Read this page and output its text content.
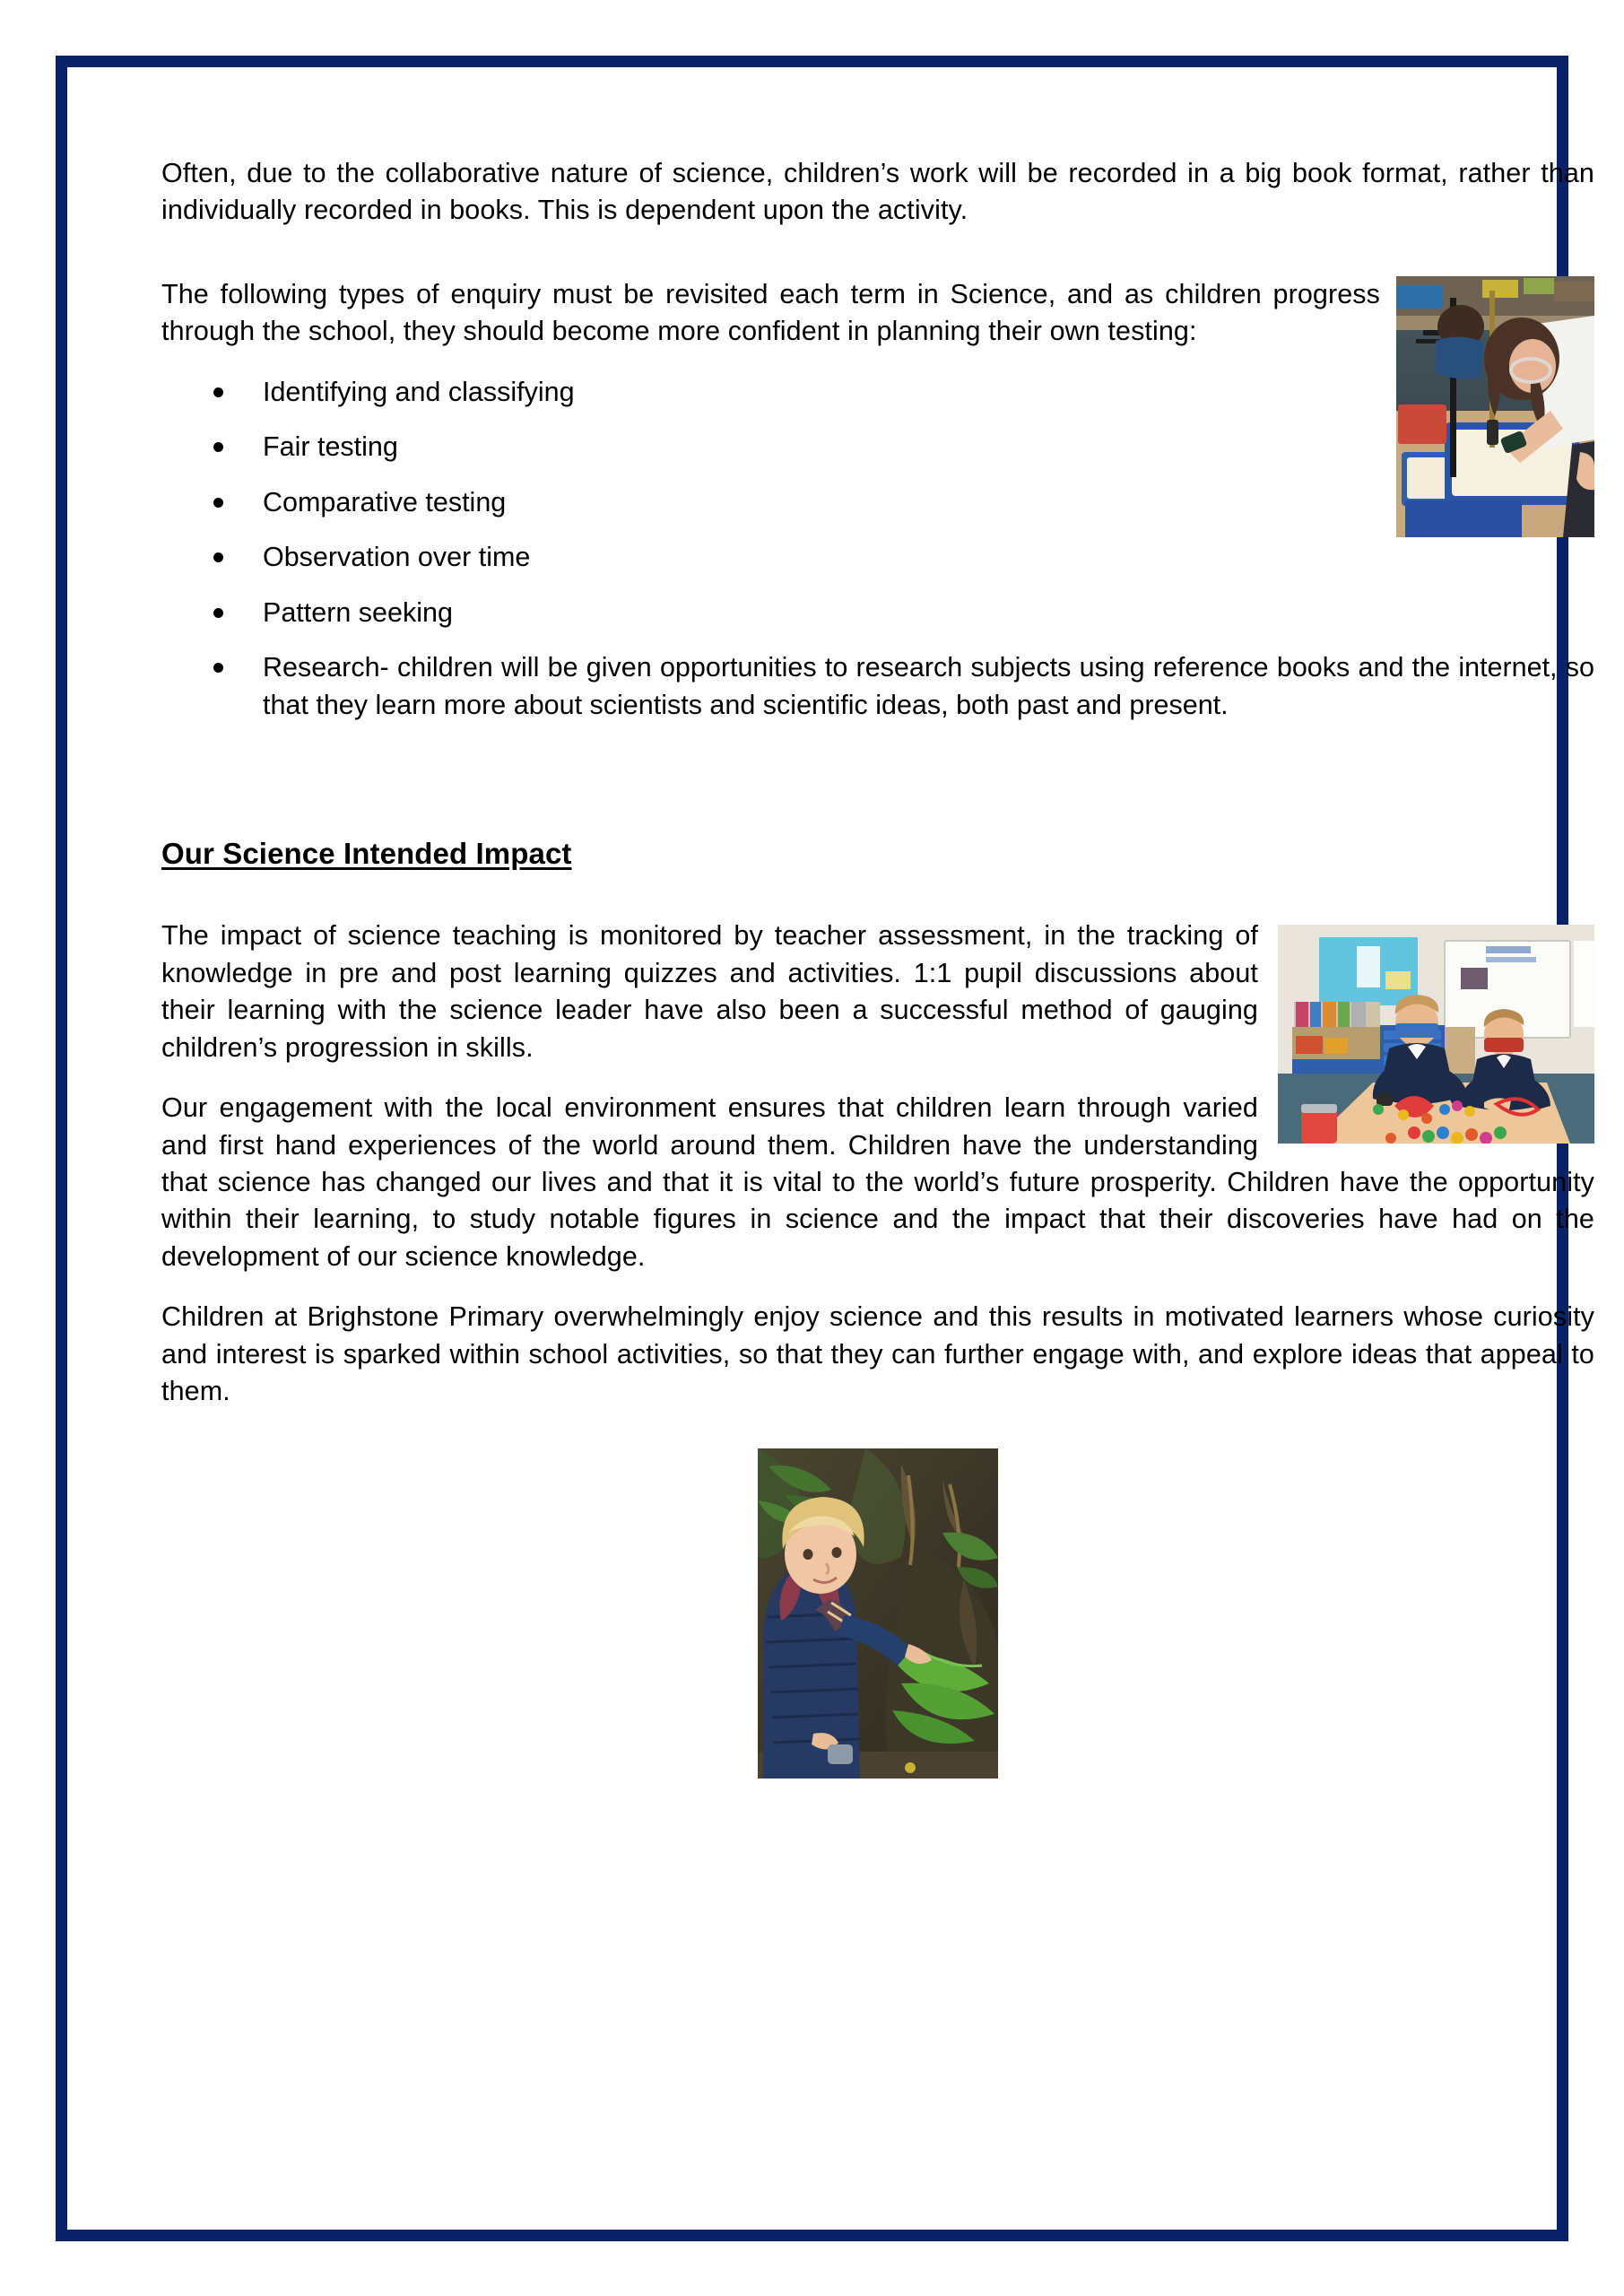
Often, due to the collaborative nature of science, children’s work will be recorded in a big book format, rather than individually recorded in books. This is dependent upon the activity.

The following types of enquiry must be revisited each term in Science, and as children progress through the school, they should become more confident in planning their own testing:

Identifying and classifying
Fair testing
Comparative testing
Observation over time
Pattern seeking
Research- children will be given opportunities to research subjects using reference books and the internet, so that they learn more about scientists and scientific ideas, both past and present.
Our Science Intended Impact

The impact of science teaching is monitored by teacher assessment, in the tracking of knowledge in pre and post learning quizzes and activities. 1:1 pupil discussions about their learning with the science leader have also been a successful method of gauging children’s progression in skills.

Our engagement with the local environment ensures that children learn through varied and first hand experiences of the world around them. Children have the understanding that science has changed our lives and that it is vital to the world’s future prosperity. Children have the opportunity within their learning, to study notable figures in science and the impact that their discoveries have had on the development of our science knowledge.

Children at Brighstone Primary overwhelmingly enjoy science and this results in motivated learners whose curiosity and interest is sparked within school activities, so that they can further engage with, and explore ideas that appeal to them.
